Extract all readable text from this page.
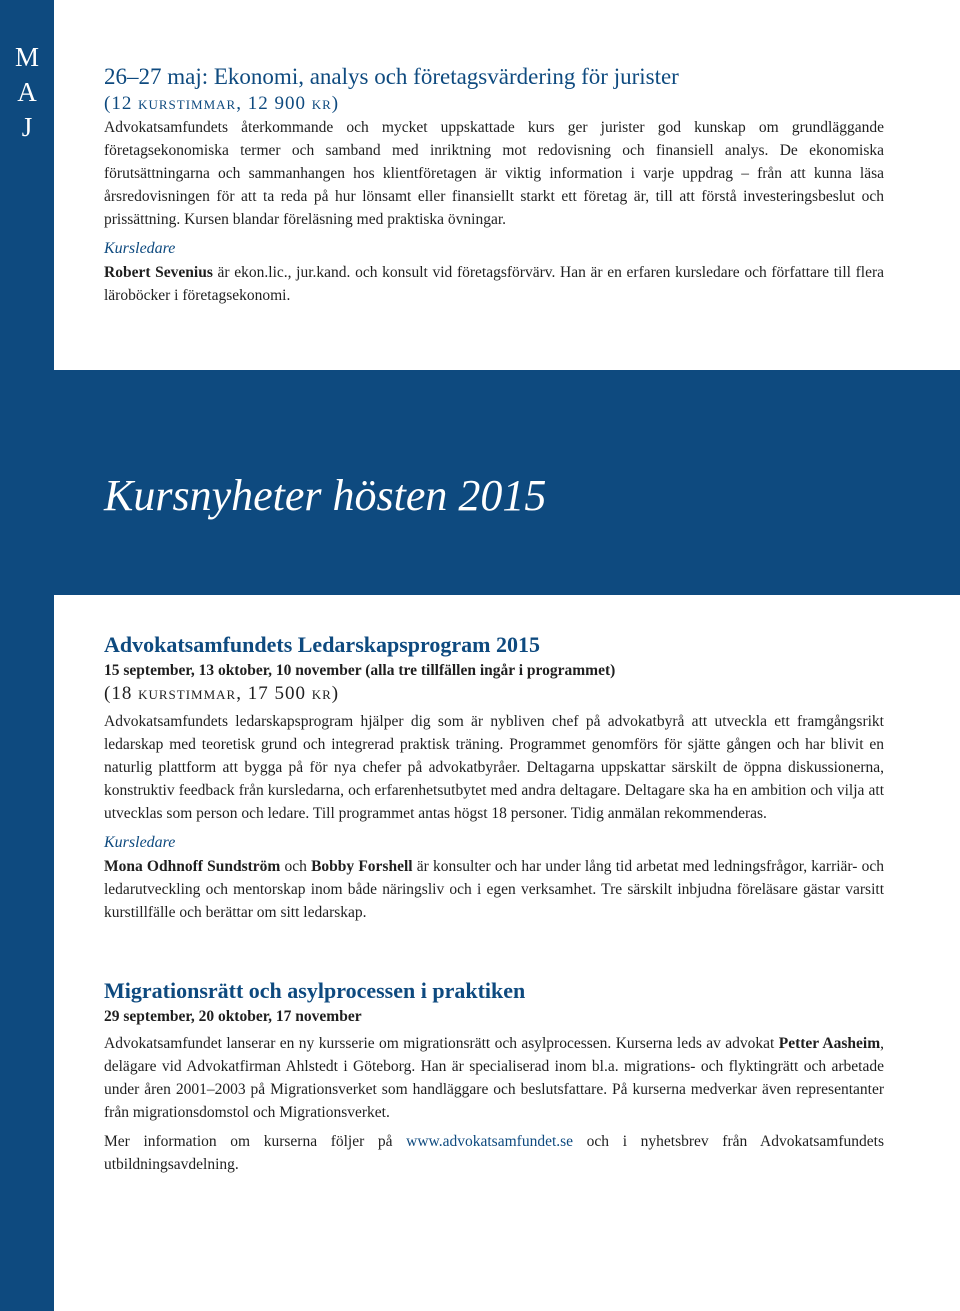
M
A
J
26–27 maj: Ekonomi, analys och företagsvärdering för jurister

(12 kurstimmar, 12 900 kr)

Advokatsamfundets återkommande och mycket uppskattade kurs ger jurister god kunskap om grundläggande företagsekonomiska termer och samband med inriktning mot redovisning och finansiell analys. De ekonomiska förutsättningarna och sammanhangen hos klientföretagen är viktig information i varje uppdrag – från att kunna läsa årsredovisningen för att ta reda på hur lönsamt eller finansiellt starkt ett företag är, till att förstå investeringsbeslut och prissättning. Kursen blandar föreläsning med praktiska övningar.

Kursledare

Robert Sevenius är ekon.lic., jur.kand. och konsult vid företagsförvärv. Han är en erfaren kursledare och författare till flera läroböcker i företagsekonomi.

Kursnyheter hösten 2015
Advokatsamfundets Ledarskapsprogram 2015

15 september, 13 oktober, 10 november (alla tre tillfällen ingår i programmet)

(18 kurstimmar, 17 500 kr)

Advokatsamfundets ledarskapsprogram hjälper dig som är nybliven chef på advokatbyrå att utveckla ett framgångsrikt ledarskap med teoretisk grund och integrerad praktisk träning. Programmet genomförs för sjätte gången och har blivit en naturlig plattform att bygga på för nya chefer på advokatbyråer. Deltagarna uppskattar särskilt de öppna diskussionerna, konstruktiv feedback från kursledarna, och erfarenhetsutbytet med andra deltagare. Deltagare ska ha en ambition och vilja att utvecklas som person och ledare. Till programmet antas högst 18 personer. Tidig anmälan rekommenderas.

Kursledare

Mona Odhnoff Sundström och Bobby Forshell är konsulter och har under lång tid arbetat med ledningsfrågor, karriär- och ledarutveckling och mentorskap inom både näringsliv och i egen verksamhet. Tre särskilt inbjudna föreläsare gästar varsitt kurstillfälle och berättar om sitt ledarskap.

Migrationsrätt och asylprocessen i praktiken

29 september, 20 oktober, 17 november

Advokatsamfundet lanserar en ny kursserie om migrationsrätt och asylprocessen. Kurserna leds av advokat Petter Aasheim, delägare vid Advokatfirman Ahlstedt i Göteborg. Han är specialiserad inom bl.a. migrations- och flyktingrätt och arbetade under åren 2001–2003 på Migrationsverket som handläggare och beslutsfattare. På kurserna medverkar även representanter från migrationsdomstol och Migrationsverket.

Mer information om kurserna följer på www.advokatsamfundet.se och i nyhetsbrev från Advokatsamfundets utbildningsavdelning.
